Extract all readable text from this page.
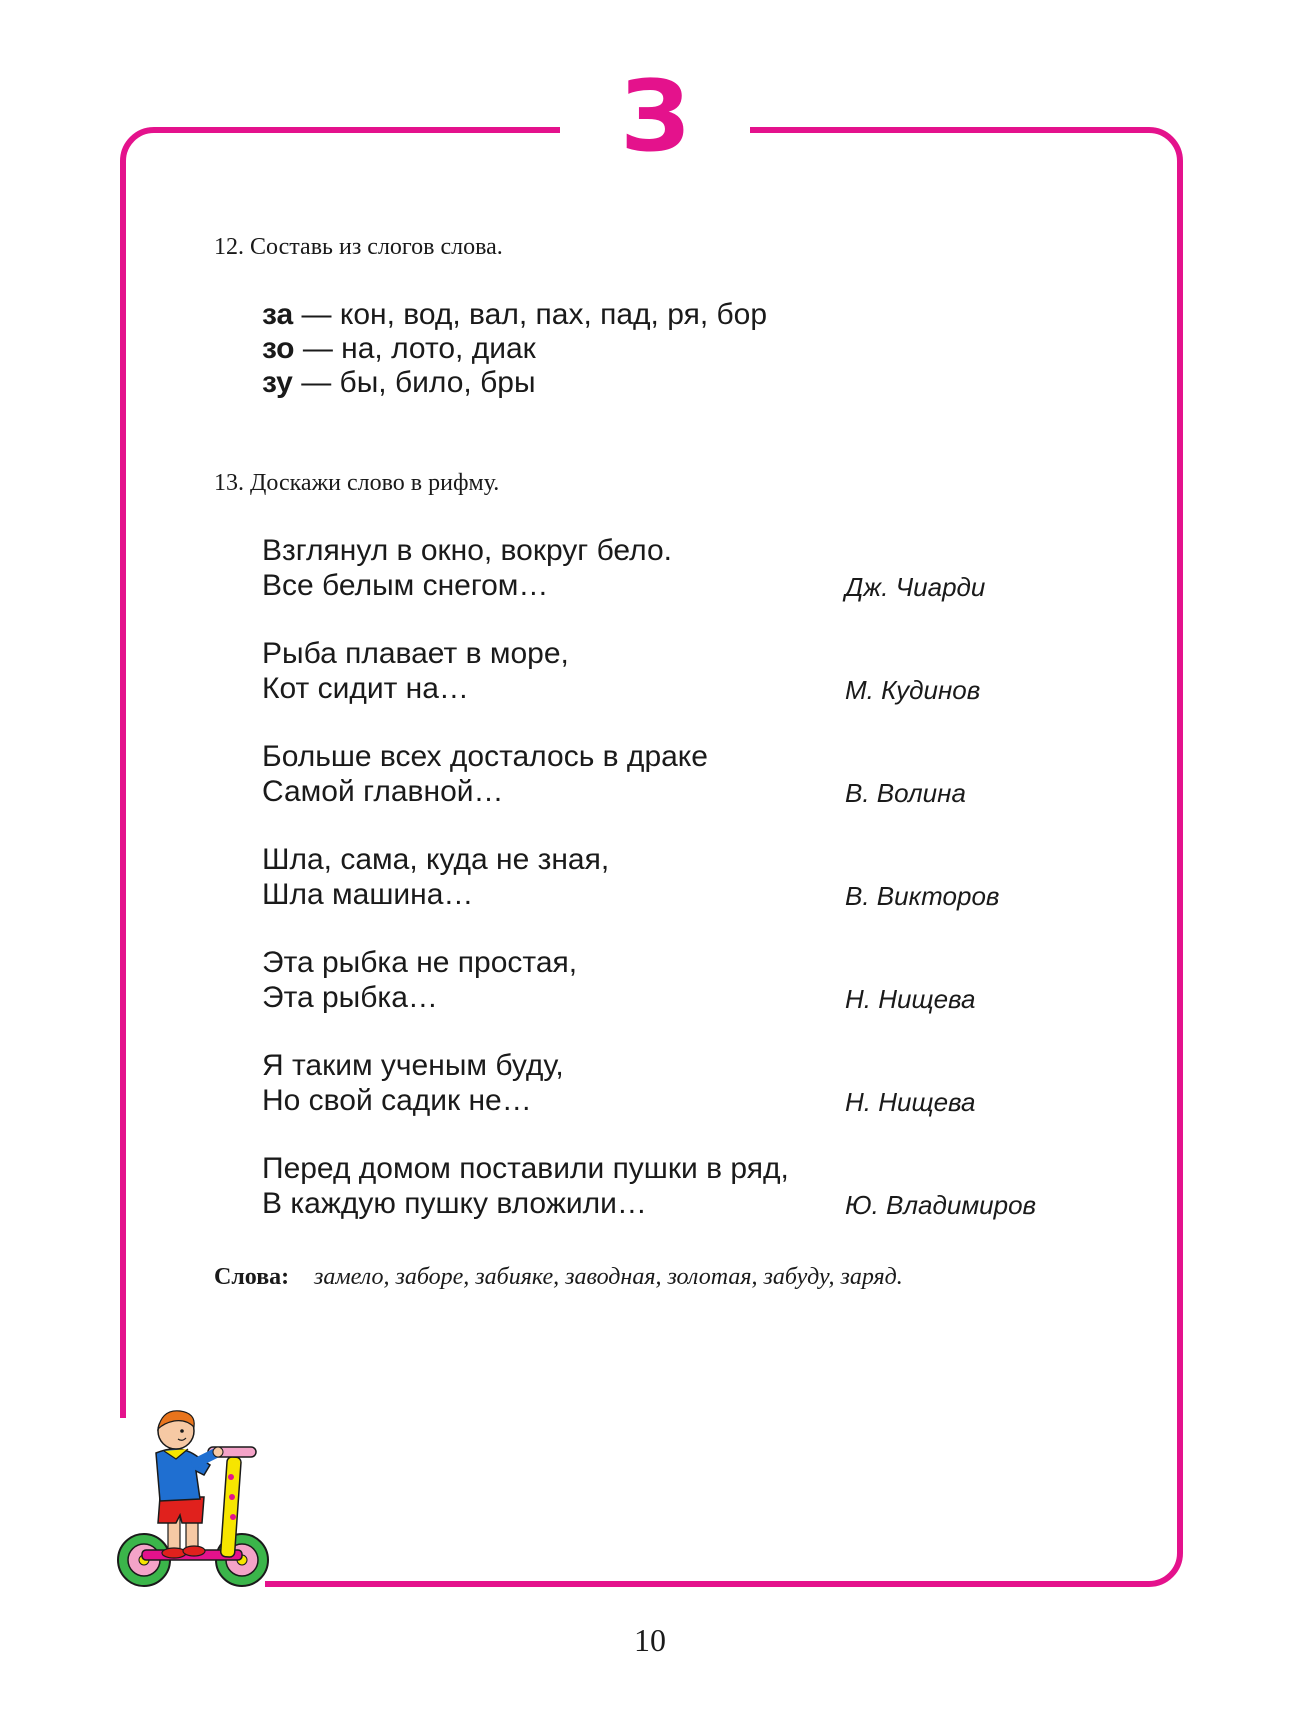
З
12. Составь из слогов слова.
за — кон, вод, вал, пах, пад, ря, бор
зо — на, лото, диак
зу — бы, било, бры
13. Доскажи слово в рифму.
Взглянул в окно, вокруг бело.
Все белым снегом…	Дж. Чиарди
Рыба плавает в море,
Кот сидит на…	М. Кудинов
Больше всех досталось в драке
Самой главной…	В. Волина
Шла, сама, куда не зная,
Шла машина…	В. Викторов
Эта рыбка не простая,
Эта рыбка…	Н. Нищева
Я таким ученым буду,
Но свой садик не…	Н. Нищева
Перед домом поставили пушки в ряд,
В каждую пушку вложили…	Ю. Владимиров
Слова: замело, заборе, забияке, заводная, золотая, забуду, заряд.
10
